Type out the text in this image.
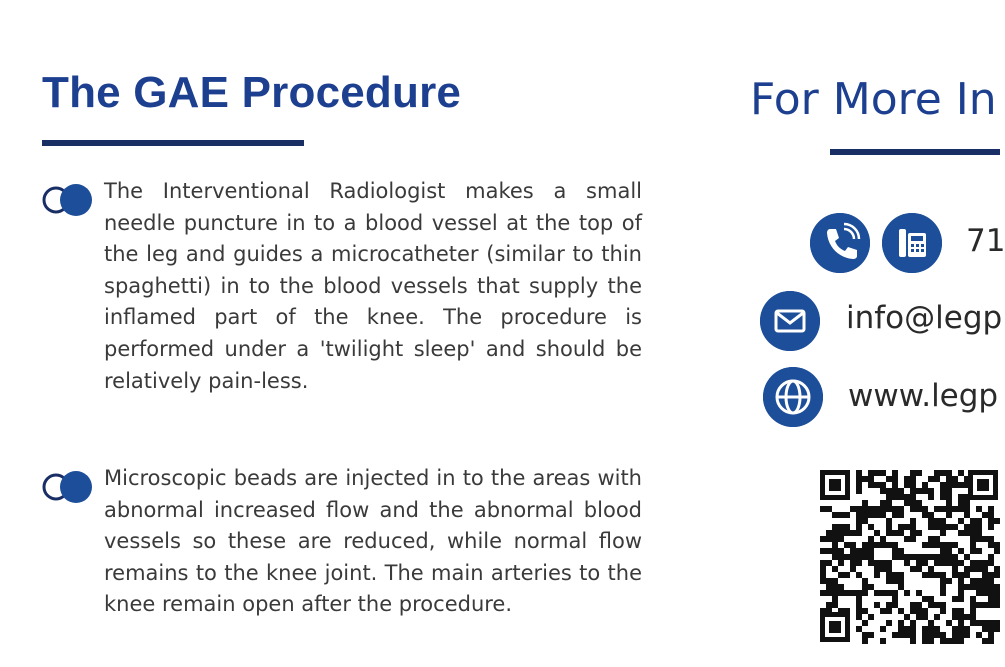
The GAE Procedure

The Interventional Radiologist makes a small needle puncture in to a blood vessel at the top of the leg and guides a microcatheter (similar to thin spaghetti) in to the blood vessels that supply the inflamed part of the knee. The procedure is performed under a 'twilight sleep' and should be relatively pain-less.

Microscopic beads are injected in to the areas with abnormal increased flow and the abnormal blood vessels so these are reduced, while normal flow remains to the knee joint. The main arteries to the knee remain open after the procedure.

For More In
71
info@legp
www.legp
